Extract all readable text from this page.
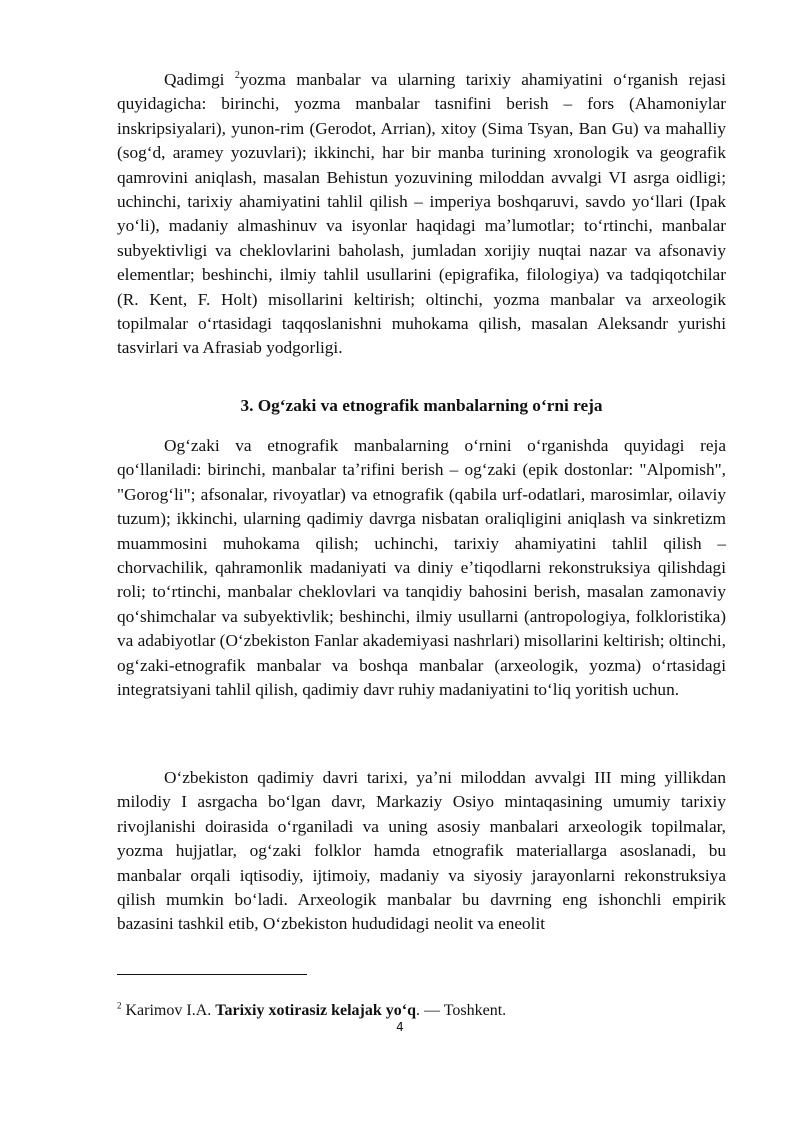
Qadimgi $^2$yozma manbalar va ularning tarixiy ahamiyatini oʻrganish rejasi quyidagicha: birinchi, yozma manbalar tasnifini berish – fors (Ahamoniylar inskripsiyalari), yunon-rim (Gerodot, Arrian), xitoy (Sima Tsyan, Ban Gu) va mahalliy (sogʻd, aramey yozuvlari); ikkinchi, har bir manba turining xronologik va geografik qamrovini aniqlash, masalan Behistun yozuvining miloddan avvalgi VI asrga oidligi; uchinchi, tarixiy ahamiyatini tahlil qilish – imperiya boshqaruvi, savdo yoʻllari (Ipak yoʻli), madaniy almashinuv va isyonlar haqidagi maʼlumotlar; toʻrtinchi, manbalar subyektivligi va cheklovlarini baholash, jumladan xorijiy nuqtai nazar va afsonaviy elementlar; beshinchi, ilmiy tahlil usullarini (epigrafika, filologiya) va tadqiqotchilar (R. Kent, F. Holt) misollarini keltirish; oltinchi, yozma manbalar va arxeologik topilmalar oʻrtasidagi taqqoslanishni muhokama qilish, masalan Aleksandr yurishi tasvirlari va Afrasiab yodgorligi.

3. Ogʻzaki va etnografik manbalarning oʻrni reja

Ogʻzaki va etnografik manbalarning oʻrnini oʻrganishda quyidagi reja qoʻllaniladi: birinchi, manbalar taʼrifini berish – ogʻzaki (epik dostonlar: "Alpomish", "Gorogʻli"; afsonalar, rivoyatlar) va etnografik (qabila urf-odatlari, marosimlar, oilaviy tuzum); ikkinchi, ularning qadimiy davrga nisbatan oraliqligini aniqlash va sinkretizm muammosini muhokama qilish; uchinchi, tarixiy ahamiyatini tahlil qilish – chorvachilik, qahramonlik madaniyati va diniy eʼtiqodlarni rekonstruksiya qilishdagi roli; toʻrtinchi, manbalar cheklovlari va tanqidiy bahosini berish, masalan zamonaviy qoʻshimchalar va subyektivlik; beshinchi, ilmiy usullarni (antropologiya, folkloristika) va adabiyotlar (Oʻzbekiston Fanlar akademiyasi nashrlari) misollarini keltirish; oltinchi, ogʻzaki-etnografik manbalar va boshqa manbalar (arxeologik, yozma) oʻrtasidagi integratsiyani tahlil qilish, qadimiy davr ruhiy madaniyatini toʻliq yoritish uchun.

Oʻzbekiston qadimiy davri tarixi, yaʼni miloddan avvalgi III ming yillikdan milodiy I asrgacha boʻlgan davr, Markaziy Osiyo mintaqasining umumiy tarixiy rivojlanishi doirasida oʻrganiladi va uning asosiy manbalari arxeologik topilmalar, yozma hujjatlar, ogʻzaki folklor hamda etnografik materiallarga asoslanadi, bu manbalar orqali iqtisodiy, ijtimoiy, madaniy va siyosiy jarayonlarni rekonstruksiya qilish mumkin boʻladi. Arxeologik manbalar bu davrning eng ishonchli empirik bazasini tashkil etib, Oʻzbekiston hududidagi neolit va eneolit

$^2$ Karimov I.A. Tarixiy xotirasiz kelajak yoʻq. — Toshkent.

4
